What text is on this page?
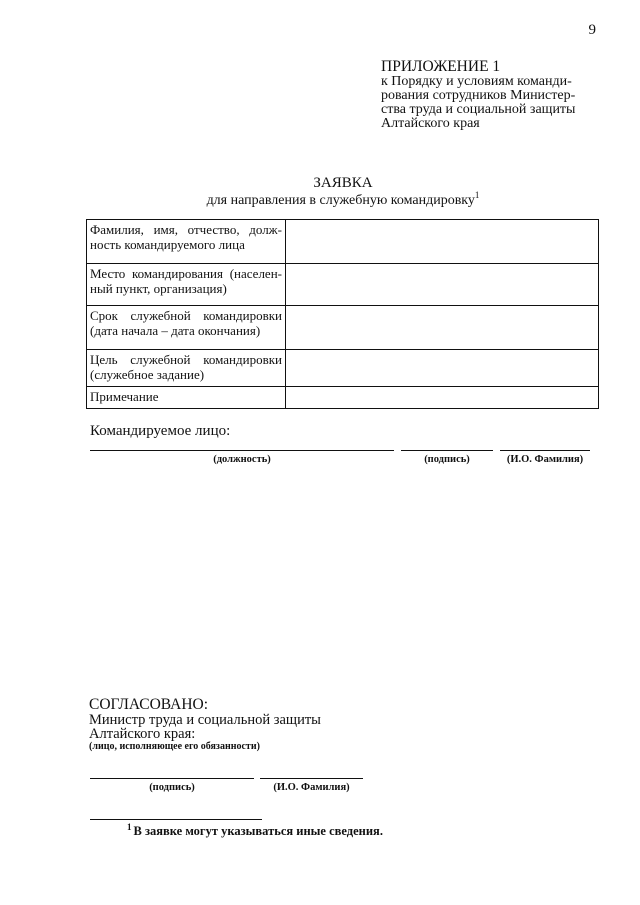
9
ПРИЛОЖЕНИЕ 1
к Порядку и условиям команди-
рования сотрудников Министер-
ства труда и социальной защиты
Алтайского края
ЗАЯВКА
для направления в служебную командировку$^1$
Фамилия, имя, отчество, долж-ность командируемого лица	
Место командирования (населен-ный пункт, организация)	
Срок служебной командировки (дата начала – дата окончания)	
Цель служебной командировки (служебное задание)	
Примечание	
Командируемое лицо:
(должность)	(подпись)	(И.О. Фамилия)
СОГЛАСОВАНО:
Министр труда и социальной защиты
Алтайского края:
(лицо, исполняющее его обязанности)
(подпись)	(И.О. Фамилия)
$^1$ В заявке могут указываться иные сведения.
